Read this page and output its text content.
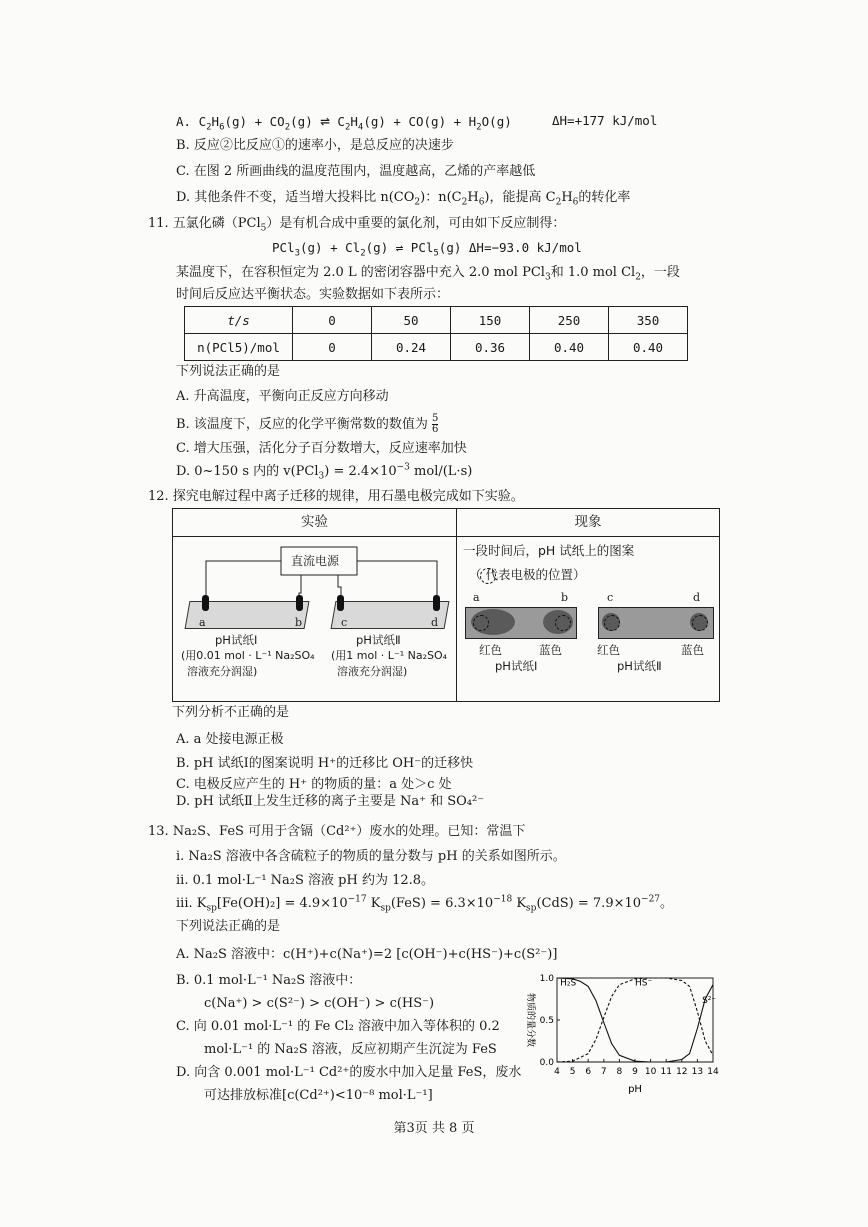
A. $C_2H_6(g) + CO_2(g)$ ⇌ $C_2H_4(g) + CO(g) + H_2O(g)$	ΔH=+177 kJ/mol
B. 反应②比反应①的速率小，是总反应的决速步
C. 在图 2 所画曲线的温度范围内，温度越高，乙烯的产率越低
D. 其他条件不变，适当增大投料比 $n(CO_2)$：$n(C_2H_6)$，能提高 $C_2H_6$的转化率
11. 五氯化磷（PCl$_5$）是有机合成中重要的氯化剂，可由如下反应制得：
$PCl_3(g) + Cl_2(g)$ ⇌ PCl$_5$(g) ΔH=−93.0 kJ/mol
某温度下，在容积恒定为 2.0 L 的密闭容器中充入 2.0 mol PCl$_3$和 1.0 mol $Cl_2$，一段
时间后反应达平衡状态。实验数据如下表所示：
t/s	0	50	150	250	350
n(PCl5)/mol	0	0.24	0.36	0.40	0.40
下列说法正确的是
A. 升高温度，平衡向正反应方向移动
B. 该温度下，反应的化学平衡常数的数值为 $\frac{5}{6}$
C. 增大压强，活化分子百分数增大，反应速率加快
D. 0~150 s 内的 $v(PCl_3) = 2.4\times 10^{-3}$ mol/(L·s)
12. 探究电解过程中离子迁移的规律，用石墨电极完成如下实验。
实验	现象
直流电源
a	b	c	d
pH试纸Ⅰ
(用0.01 mol · L⁻¹ Na₂SO₄
溶液充分润湿)
pH试纸Ⅱ
(用1 mol · L⁻¹ Na₂SO₄
溶液充分润湿)
一段时间后，pH 试纸上的图案
（ 代表电极的位置）
a	b	c	d
红色	蓝色
pH试纸Ⅰ
红色	蓝色
pH试纸Ⅱ
下列分析不正确的是
A. a 处接电源正极
B. pH 试纸Ⅰ的图案说明 H⁺的迁移比 OH⁻的迁移快
C. 电极反应产生的 H⁺ 的物质的量：a 处＞c 处
D. pH 试纸Ⅱ上发生迁移的离子主要是 Na⁺ 和 SO₄²⁻
13. Na₂S、FeS 可用于含镉（Cd²⁺）废水的处理。已知：常温下
i. Na₂S 溶液中各含硫粒子的物质的量分数与 pH 的关系如图所示。
ii. 0.1 mol·L⁻¹ Na₂S 溶液 pH 约为 12.8。
iii. $K_{sp}[Fe(OH)_2] = 4.9\times 10^{-17}$ $K_{sp}(FeS) = 6.3\times 10^{-18}$ $K_{sp}(CdS) = 7.9\times 10^{-27}$。
下列说法正确的是
A. Na₂S 溶液中：c(H⁺)+c(Na⁺)=2 [c(OH⁻)+c(HS⁻)+c(S²⁻)]
B. 0.1 mol·L⁻¹ Na₂S 溶液中：
c(Na⁺) > c(S²⁻) > c(OH⁻) > c(HS⁻)
C. 向 0.01 mol·L⁻¹ 的 Fe Cl₂ 溶液中加入等体积的 0.2
mol·L⁻¹ 的 Na₂S 溶液，反应初期产生沉淀为 FeS
D. 向含 0.001 mol·L⁻¹ Cd²⁺的废水中加入足量 FeS，废水
可达排放标准[c(Cd²⁺)<10⁻⁸ mol·L⁻¹]
4 5 6 7 8 9 10 11 12 13 14
0.0
0.5
1.0 H₂S	HS⁻
S²⁻
物质的量分数
pH
第3页 共 8 页
